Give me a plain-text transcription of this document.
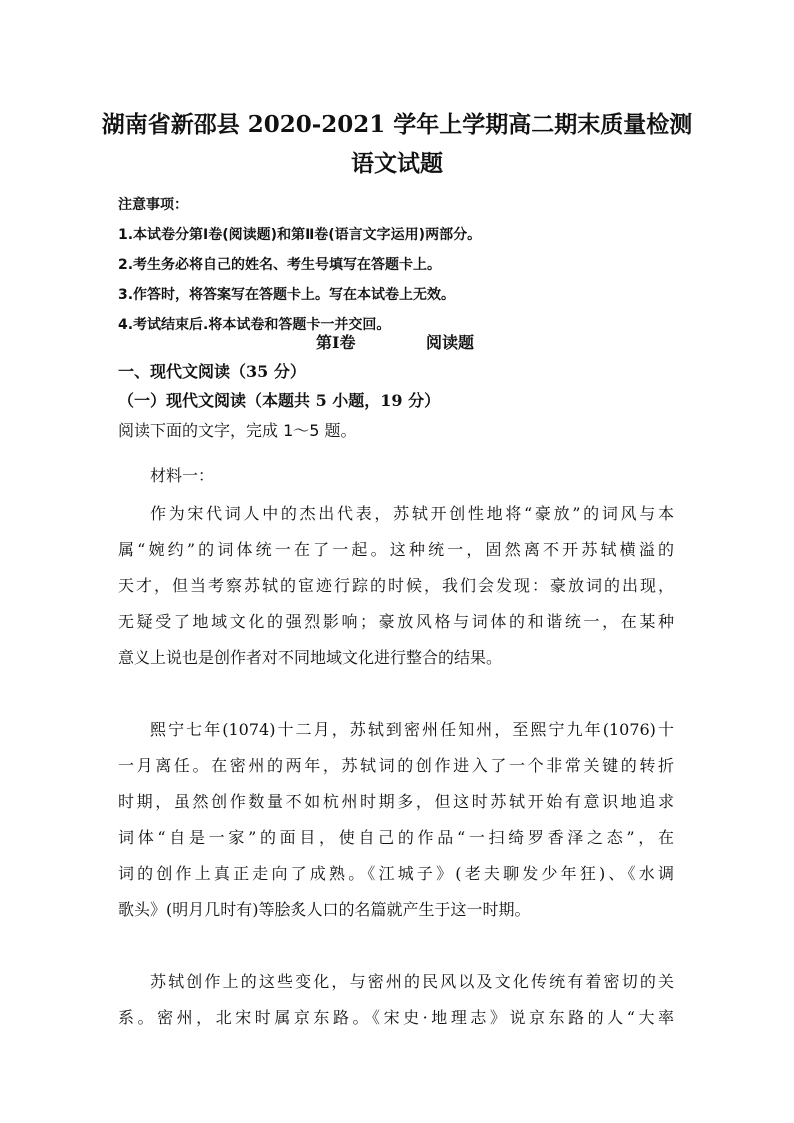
湖南省新邵县 2020-2021 学年上学期高二期末质量检测
语文试题
注意事项：
1.本试卷分第Ⅰ卷(阅读题)和第Ⅱ卷(语言文字运用)两部分。
2.考生务必将自己的姓名、考生号填写在答题卡上。
3.作答时，将答案写在答题卡上。写在本试卷上无效。
4.考试结束后.将本试卷和答题卡一并交回。
第Ⅰ卷	阅读题
一、现代文阅读（35 分）
（一）现代文阅读（本题共 5 小题，19 分）
阅读下面的文字，完成 1～5 题。
材料一：
作为宋代词人中的杰出代表，苏轼开创性地将“豪放”的词风与本
属“婉约”的词体统一在了一起。这种统一，固然离不开苏轼横溢的
天才，但当考察苏轼的宦迹行踪的时候，我们会发现：豪放词的出现，
无疑受了地域文化的强烈影响；豪放风格与词体的和谐统一，在某种
意义上说也是创作者对不同地域文化进行整合的结果。
熙宁七年(1074)十二月，苏轼到密州任知州，至熙宁九年(1076)十
一月离任。在密州的两年，苏轼词的创作进入了一个非常关键的转折
时期，虽然创作数量不如杭州时期多，但这时苏轼开始有意识地追求
词体“自是一家”的面目，使自己的作品“一扫绮罗香泽之态”，在
词的创作上真正走向了成熟。《江城子》(老夫聊发少年狂)、《水调
歌头》(明月几时有)等脍炙人口的名篇就产生于这一时期。
苏轼创作上的这些变化，与密州的民风以及文化传统有着密切的关
系。密州，北宋时属京东路。《宋史·地理志》说京东路的人“大率
